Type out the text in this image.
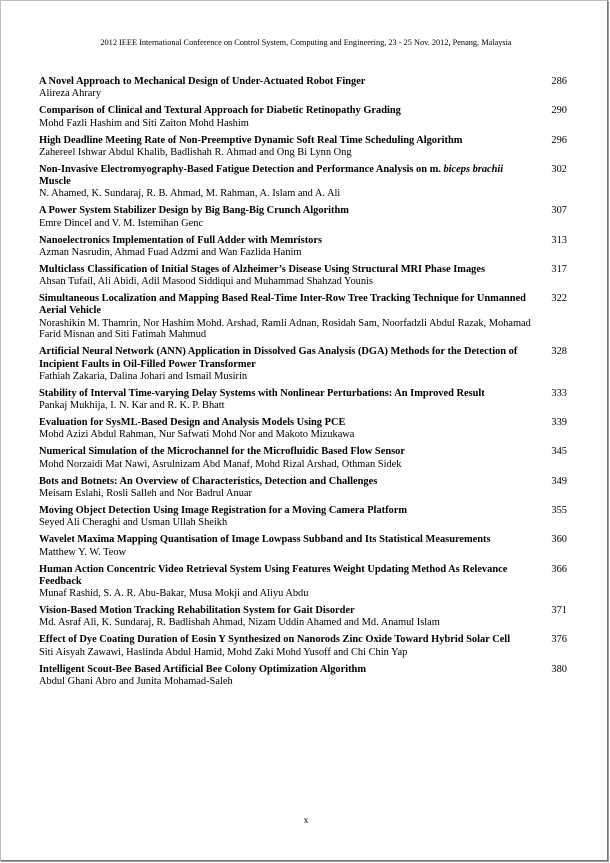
2012 IEEE International Conference on Control System, Computing and Engineering, 23 - 25 Nov. 2012, Penang, Malaysia
A Novel Approach to Mechanical Design of Under-Actuated Robot Finger
Alireza Ahrary
286
Comparison of Clinical and Textural Approach for Diabetic Retinopathy Grading
Mohd Fazli Hashim and Siti Zaiton Mohd Hashim
290
High Deadline Meeting Rate of Non-Preemptive Dynamic Soft Real Time Scheduling Algorithm
Zahereel Ishwar Abdul Khalib, Badlishah R. Ahmad and Ong Bi Lynn Ong
296
Non-Invasive Electromyography-Based Fatigue Detection and Performance Analysis on m. biceps brachii Muscle
N. Ahamed, K. Sundaraj, R. B. Ahmad, M. Rahman, A. Islam and A. Ali
302
A Power System Stabilizer Design by Big Bang-Big Crunch Algorithm
Emre Dincel and V. M. Istemihan Genc
307
Nanoelectronics Implementation of Full Adder with Memristors
Azman Nasrudin, Ahmad Fuad Adzmi and Wan Fazlida Hanim
313
Multiclass Classification of Initial Stages of Alzheimer’s Disease Using Structural MRI Phase Images
Ahsan Tufail, Ali Abidi, Adil Masood Siddiqui and Muhammad Shahzad Younis
317
Simultaneous Localization and Mapping Based Real-Time Inter-Row Tree Tracking Technique for Unmanned Aerial Vehicle
Norashikin M. Thamrin, Nor Hashim Mohd. Arshad, Ramli Adnan, Rosidah Sam, Noorfadzli Abdul Razak, Mohamad Farid Misnan and Siti Fatimah Mahmud
322
Artificial Neural Network (ANN) Application in Dissolved Gas Analysis (DGA) Methods for the Detection of Incipient Faults in Oil-Filled Power Transformer
Fathiah Zakaria, Dalina Johari and Ismail Musirin
328
Stability of Interval Time-varying Delay Systems with Nonlinear Perturbations: An Improved Result
Pankaj Mukhija, I. N. Kar and R. K. P. Bhatt
333
Evaluation for SysML-Based Design and Analysis Models Using PCE
Mohd Azizi Abdul Rahman, Nur Safwati Mohd Nor and Makoto Mizukawa
339
Numerical Simulation of the Microchannel for the Microfluidic Based Flow Sensor
Mohd Norzaidi Mat Nawi, Asrulnizam Abd Manaf, Mohd Rizal Arshad, Othman Sidek
345
Bots and Botnets: An Overview of Characteristics, Detection and Challenges
Meisam Eslahi, Rosli Salleh and Nor Badrul Anuar
349
Moving Object Detection Using Image Registration for a Moving Camera Platform
Seyed Ali Cheraghi and Usman Ullah Sheikh
355
Wavelet Maxima Mapping Quantisation of Image Lowpass Subband and Its Statistical Measurements
Matthew Y. W. Teow
360
Human Action Concentric Video Retrieval System Using Features Weight Updating Method As Relevance Feedback
Munaf Rashid, S. A. R. Abu-Bakar, Musa Mokji and Aliyu Abdu
366
Vision-Based Motion Tracking Rehabilitation System for Gait Disorder
Md. Asraf Ali, K. Sundaraj, R. Badlishah Ahmad, Nizam Uddin Ahamed and Md. Anamul Islam
371
Effect of Dye Coating Duration of Eosin Y Synthesized on Nanorods Zinc Oxide Toward Hybrid Solar Cell
Siti Aisyah Zawawi, Haslinda Abdul Hamid, Mohd Zaki Mohd Yusoff and Chi Chin Yap
376
Intelligent Scout-Bee Based Artificial Bee Colony Optimization Algorithm
Abdul Ghani Abro and Junita Mohamad-Saleh
380
x
